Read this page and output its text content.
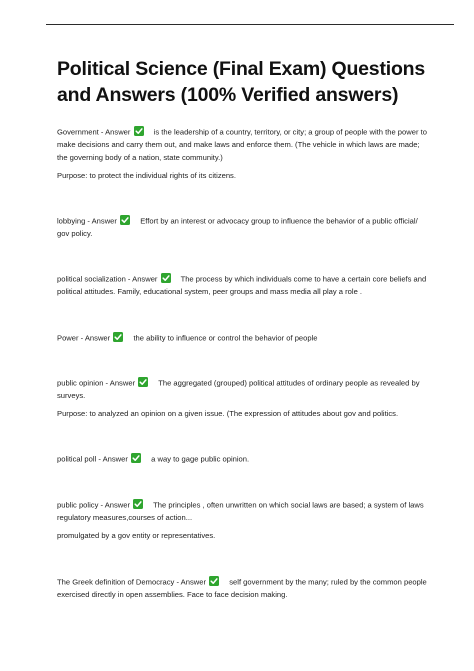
Political Science (Final Exam) Questions and Answers (100% Verified answers)

Government - Answer	is the leadership of a country, territory, or city; a group of people with the power to make decisions and carry them out, and make laws and enforce them. (The vehicle in which laws are made; the governing body of a nation, state community.)

Purpose: to protect the individual rights of its citizens.

lobbying - Answer	Effort by an interest or advocacy group to influence the behavior of a public official/ gov policy.

political socialization - Answer	The process by which individuals come to have a certain core beliefs and political attitudes. Family, educational system, peer groups and mass media all play a role .

Power - Answer	the ability to influence or control the behavior of people

public opinion - Answer	The aggregated (grouped) political attitudes of ordinary people as revealed by surveys.

Purpose: to analyzed an opinion on a given issue. (The expression of attitudes about gov and politics.

political poll - Answer	a way to gage public opinion.

public policy - Answer	The principles , often unwritten on which social laws are based; a system of laws regulatory measures,courses of action...

promulgated by a gov entity or representatives.

The Greek definition of Democracy - Answer	self government by the many; ruled by the common people exercised directly in open assemblies. Face to face decision making.
